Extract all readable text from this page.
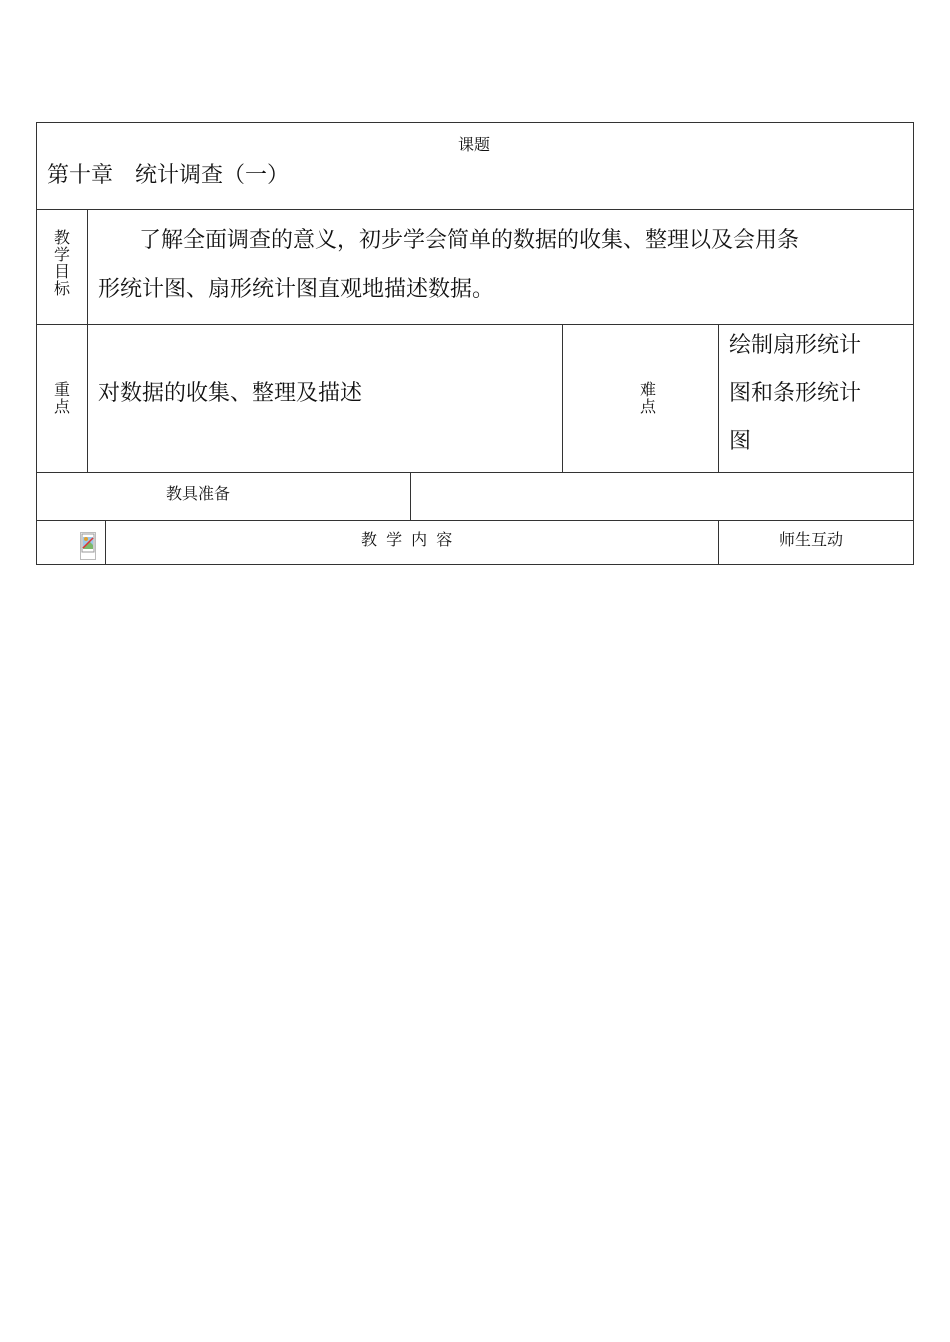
课题
第十章　统计调查（一）
教
学
目
标
了解全面调查的意义，初步学会简单的数据的收集、整理以及会用条
形统计图、扇形统计图直观地描述数据。
重
点
对数据的收集、整理及描述	难
点
绘制扇形统计
图和条形统计
图
教具准备
教 学 内 容	师生互动
